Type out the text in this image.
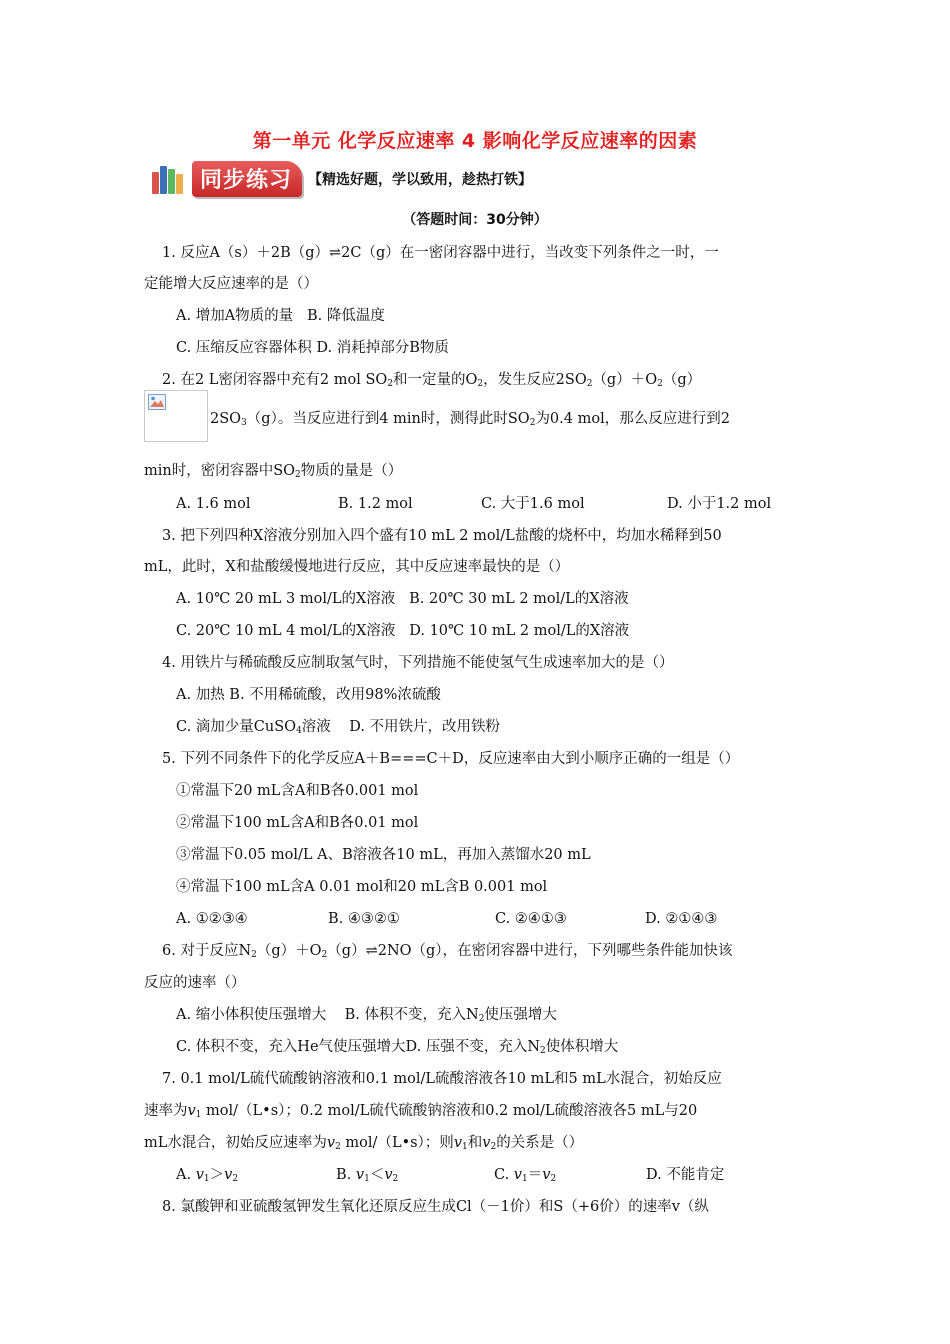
第一单元 化学反应速率 4 影响化学反应速率的因素
同步练习	【精选好题，学以致用，趁热打铁】
（答题时间：30分钟）
1. 反应A（s）＋2B（g）⇌2C（g）在一密闭容器中进行，当改变下列条件之一时，一
定能增大反应速率的是（）
A. 增加A物质的量   B. 降低温度
C. 压缩反应容器体积 D. 消耗掉部分B物质
2. 在2 L密闭容器中充有2 mol $SO_2$和一定量的$O_2$，发生反应$2SO_2(g)+O_2(g)$
$2SO_3(g)$。当反应进行到4 min时，测得此时$SO_2$为0.4 mol，那么反应进行到2
min时，密闭容器中$SO_2$物质的量是（）
A. 1.6 mol	B. 1.2 mol	C. 大于1.6 mol	D. 小于1.2 mol
3. 把下列四种X溶液分别加入四个盛有10 mL 2 mol/L盐酸的烧杯中，均加水稀释到50
mL，此时，X和盐酸缓慢地进行反应，其中反应速率最快的是（）
A. 10℃ 20 mL 3 mol/L的X溶液   B. 20℃ 30 mL 2 mol/L的X溶液
C. 20℃ 10 mL 4 mol/L的X溶液   D. 10℃ 10 mL 2 mol/L的X溶液
4. 用铁片与稀硫酸反应制取氢气时，下列措施不能使氢气生成速率加大的是（）
A. 加热 B. 不用稀硫酸，改用98%浓硫酸
C. 滴加少量CuSO$_4$溶液    D. 不用铁片，改用铁粉
5. 下列不同条件下的化学反应A＋B===C＋D，反应速率由大到小顺序正确的一组是（）
①常温下20 mL含A和B各0.001 mol
②常温下100 mL含A和B各0.01 mol
③常温下0.05 mol/L A、B溶液各10 mL，再加入蒸馏水20 mL
④常温下100 mL含A 0.01 mol和20 mL含B 0.001 mol
A. ①②③④	B. ④③②①	C. ②④①③	D. ②①④③
6. 对于反应$N_2(g)+O_2(g)\rightleftharpoons 2NO(g)$，在密闭容器中进行，下列哪些条件能加快该
反应的速率（）
A. 缩小体积使压强增大    B. 体积不变，充入$N_2$使压强增大
C. 体积不变，充入He气使压强增大D. 压强不变，充入$N_2$使体积增大
7. 0.1 mol/L硫代硫酸钠溶液和0.1 mol/L硫酸溶液各10 mL和5 mL水混合，初始反应
速率为$v_1$ mol/（L•s）；0.2 mol/L硫代硫酸钠溶液和0.2 mol/L硫酸溶液各5 mL与20
mL水混合，初始反应速率为$v_2$ mol/（L•s）；则$v_1$和$v_2$的关系是（）
A. $v_1>v_2$	B. $v_1<v_2$	C. $v_1=v_2$	D. 不能肯定
8. 氯酸钾和亚硫酸氢钾发生氧化还原反应生成Cl（－1价）和S（+6价）的速率v（纵
